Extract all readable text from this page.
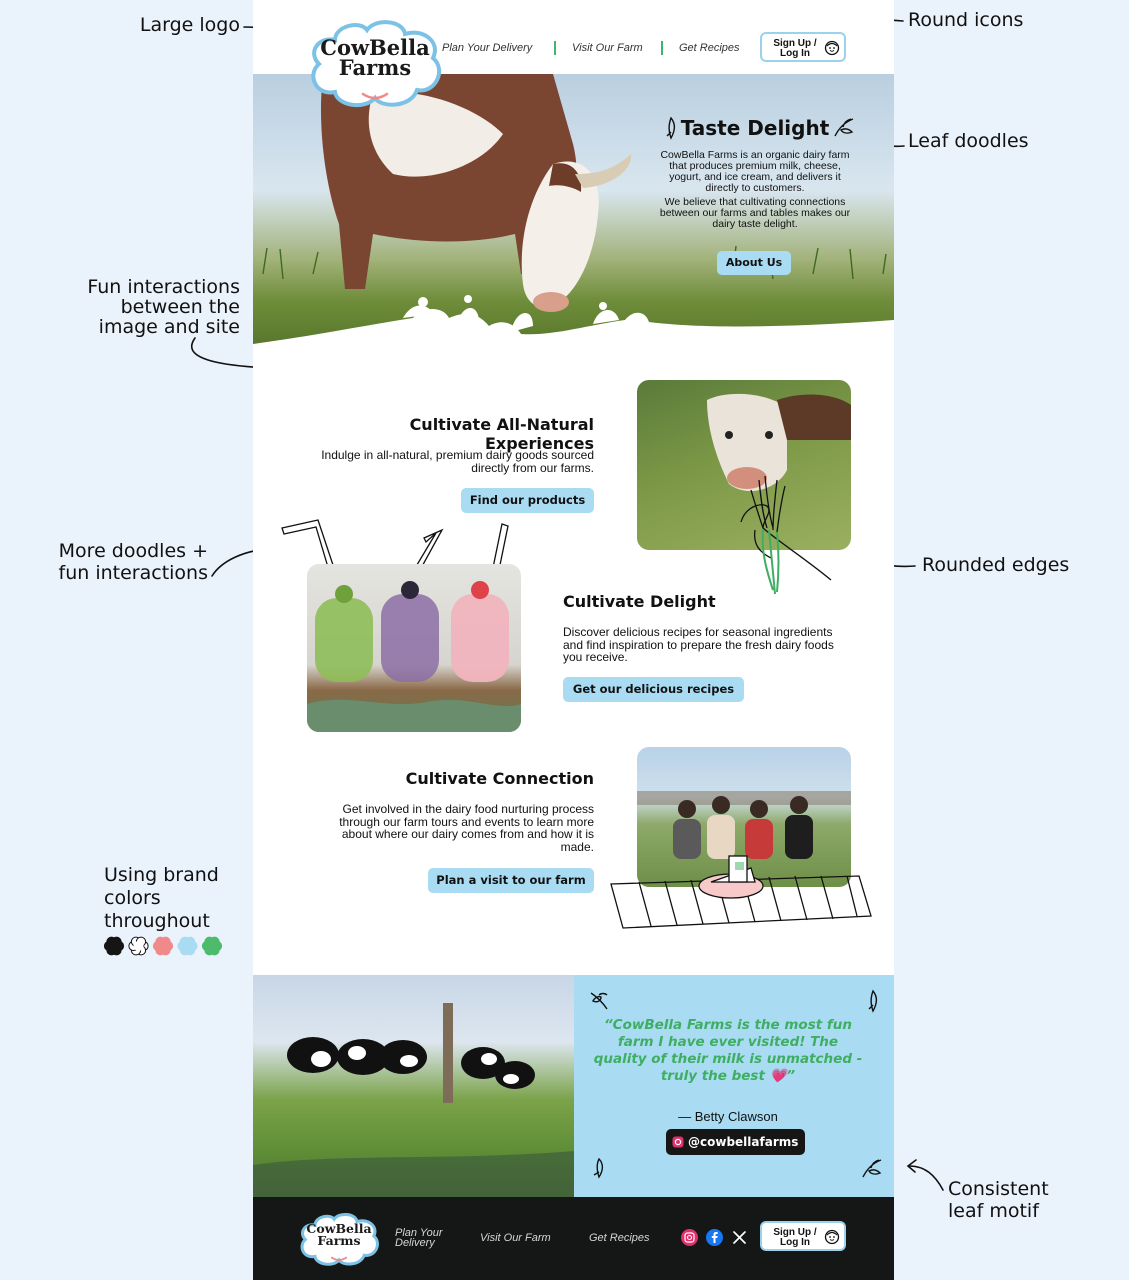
Large logo	Round icons
Leaf doodles
Fun interactions
between the
image and site
More doodles +
fun interactions	Rounded edges
Using brand
colors
throughout
Consistent
leaf motif
Plan Your Delivery	Visit Our Farm	Get Recipes	Sign Up /
Log In
CowBella
Farms
Taste Delight
CowBella Farms is an organic dairy farm that produces premium milk, cheese, yogurt, and ice cream, and delivers it directly to customers.
We believe that cultivating connections between our farms and tables makes our dairy taste delight.
About Us
Cultivate All-Natural Experiences
Indulge in all-natural, premium dairy goods sourced directly from our farms.
Find our products
Cultivate Delight
Discover delicious recipes for seasonal ingredients and find inspiration to prepare the fresh dairy foods you receive.
Get our delicious recipes
Cultivate Connection
Get involved in the dairy food nurturing process through our farm tours and events to learn more about where our dairy comes from and how it is made.
Plan a visit to our farm
“CowBella Farms is the most fun farm I have ever visited! The quality of their milk is unmatched - truly the best 💗”
— Betty Clawson
@cowbellafarms
CowBella
Farms	Plan Your Delivery	Visit Our Farm	Get Recipes	Sign Up /
Log In
